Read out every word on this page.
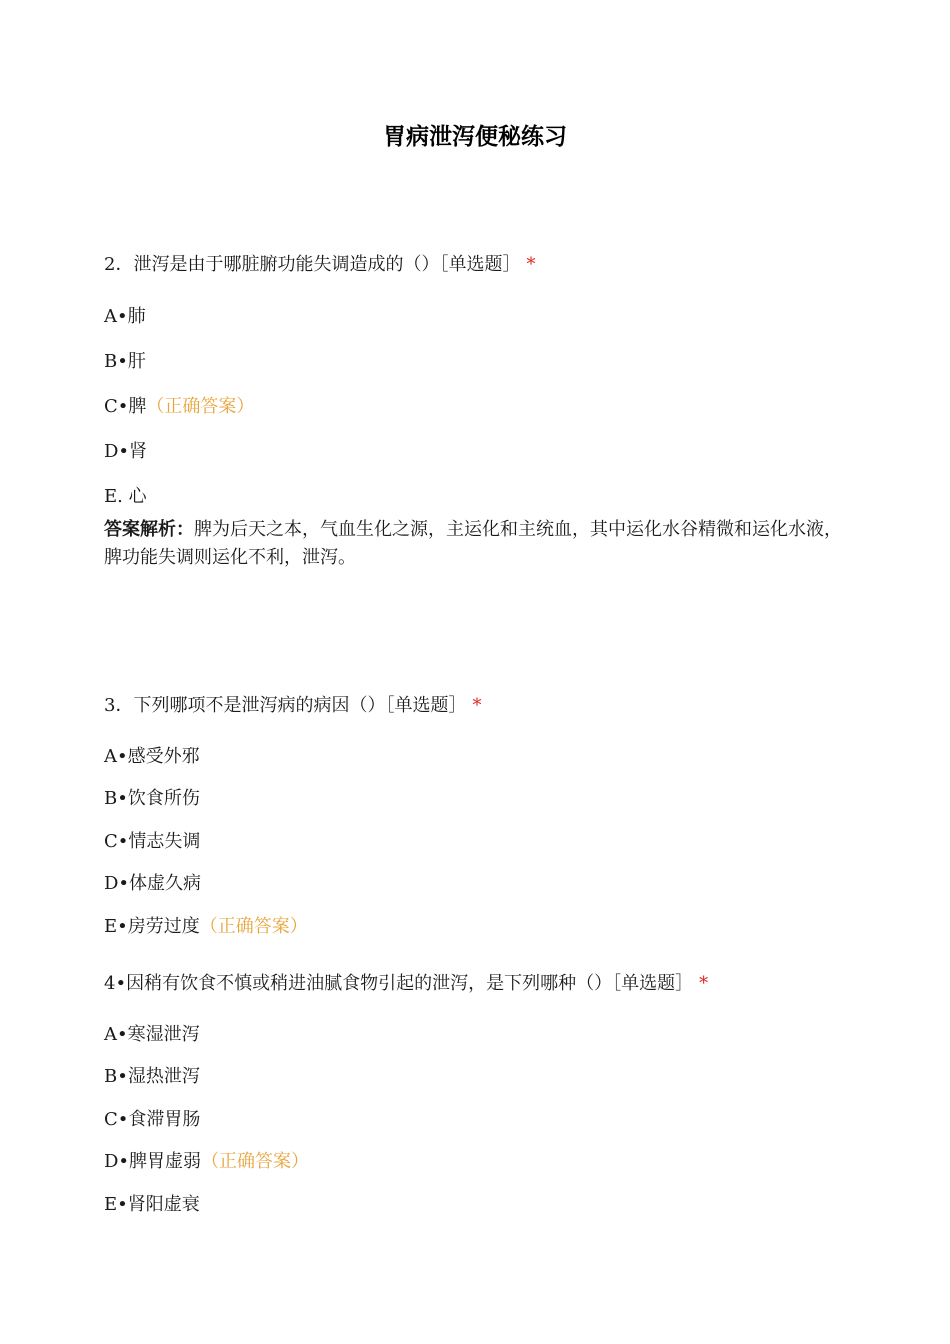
胃病泄泻便秘练习
2．泄泻是由于哪脏腑功能失调造成的（）［单选题］ *
A•肺
B•肝
C•脾（正确答案）
D•肾
E. 心
答案解析：脾为后天之本，气血生化之源，主运化和主统血，其中运化水谷精微和运化水液，脾功能失调则运化不利，泄泻。
3．下列哪项不是泄泻病的病因（）［单选题］ *
A•感受外邪
B•饮食所伤
C•情志失调
D•体虚久病
E•房劳过度（正确答案）
4•因稍有饮食不慎或稍进油腻食物引起的泄泻，是下列哪种（）［单选题］ *
A•寒湿泄泻
B•湿热泄泻
C•食滞胃肠
D•脾胃虚弱（正确答案）
E•肾阳虚衰
